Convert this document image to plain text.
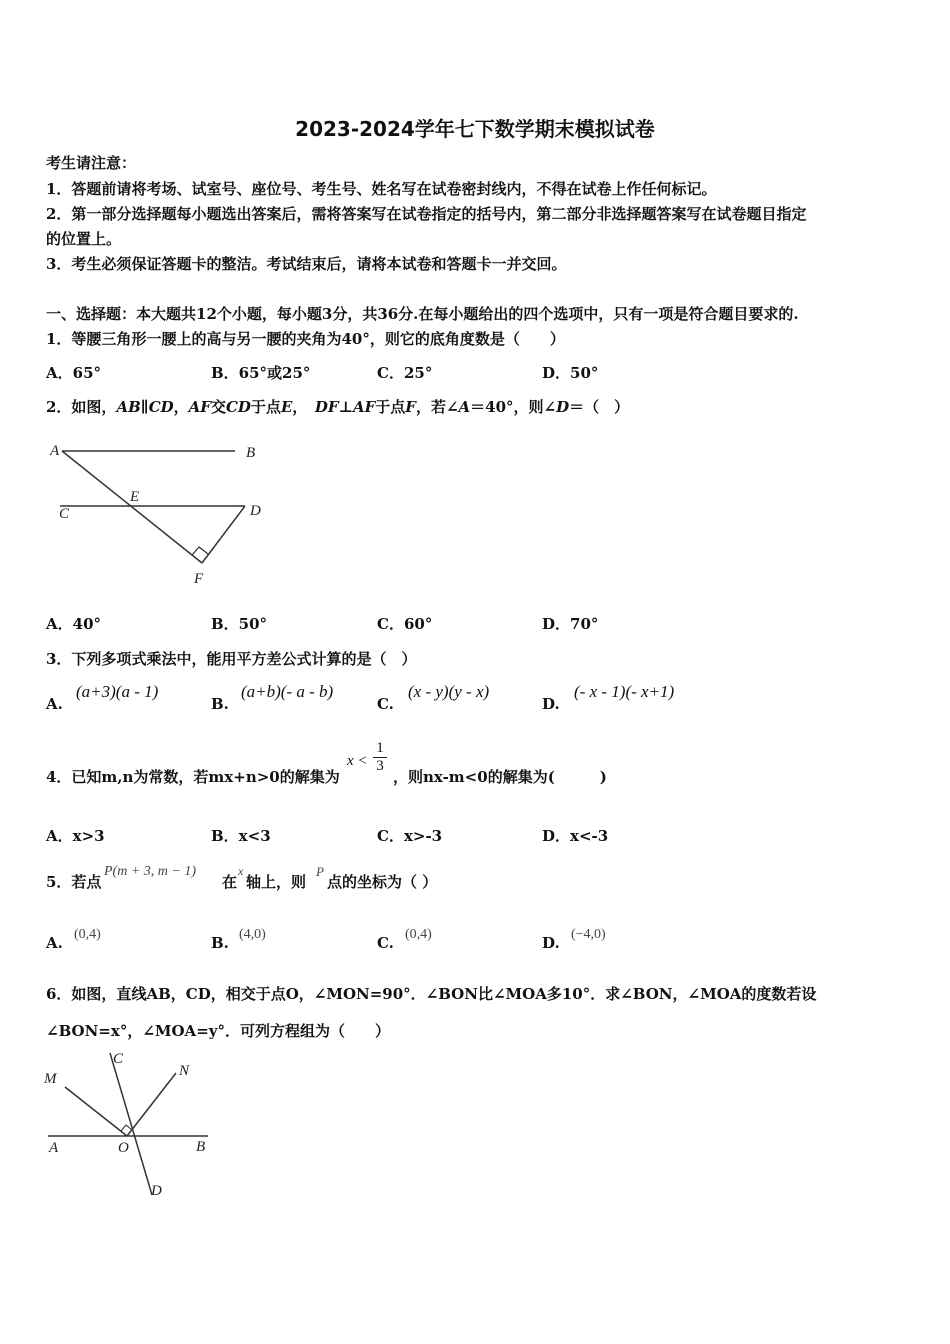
2023-2024学年七下数学期末模拟试卷
考生请注意：
1．答题前请将考场、试室号、座位号、考生号、姓名写在试卷密封线内，不得在试卷上作任何标记。
2．第一部分选择题每小题选出答案后，需将答案写在试卷指定的括号内，第二部分非选择题答案写在试卷题目指定
的位置上。
3．考生必须保证答题卡的整洁。考试结束后，请将本试卷和答题卡一并交回。
一、选择题：本大题共12个小题，每小题3分，共36分.在每小题给出的四个选项中，只有一项是符合题目要求的.
1．等腰三角形一腰上的高与另一腰的夹角为40°，则它的底角度数是（　　）
A．65°	B．65°或25°	C．25°	D．50°
2．如图，AB∥CD，AF交CD于点E，　DF⊥AF于点F，若∠A＝40°，则∠D＝（　）
A	B
C
E
D
F
A．40°	B．50°	C．60°	D．70°
3．下列多项式乘法中，能用平方差公式计算的是（　）
A.
(a+3)(a - 1)
B.
(a+b)(- a - b)
C.
(x - y)(y - x)
D.
(- x - 1)(- x+1)
4．已知m,n为常数，若mx+n>0的解集为
x <
1
3
，则nx-m<0的解集为(　　　)
A．x>3	B．x<3	C．x>-3	D．x<-3
5．若点
P(m + 3, m − 1)
在
x
轴上，则
P
点的坐标为（ ）
A. (0,4)	B. (4,0)	C. (0,4)	D. (−4,0)
6．如图，直线AB，CD，相交于点O，∠MON=90°．∠BON比∠MOA多10°．求∠BON，∠MOA的度数若设
∠BON=x°，∠MOA=y°．可列方程组为（　　）
C
M	N
A	O	B
D
